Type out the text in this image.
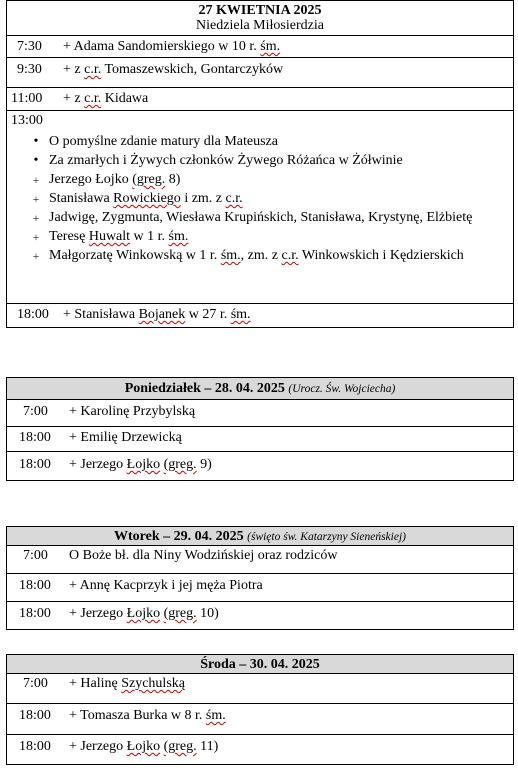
27 KWIETNIA 2025
Niedziela Miłosierdzia
7:30 + Adama Sandomierskiego w 10 r. śm.
9:30 + z c.r. Tomaszewskich, Gontarczyków
11:00 + z c.r. Kidawa
13:00
• O pomyślne zdanie matury dla Mateusza
• Za zmarłych i Żywych członków Żywego Różańca w Żółwinie
+ Jerzego Łojko (greg. 8)
+ Stanisława Rowickiego i zm. z c.r.
+ Jadwigę, Zygmunta, Wiesława Krupińskich, Stanisława, Krystynę, Elżbietę
+ Teresę Huwalt w 1 r. śm.
+ Małgorzatę Winkowską w 1 r. śm., zm. z c.r. Winkowskich i Kędzierskich
18:00 + Stanisława Bojanek w 27 r. śm.
Poniedziałek – 28. 04. 2025 (Urocz. Św. Wojciecha)
7:00 + Karolinę Przybylską
18:00 + Emilię Drzewicką
18:00 + Jerzego Łojko (greg. 9)
Wtorek – 29. 04. 2025 (święto św. Katarzyny Sieneńskiej)
7:00 O Boże bł. dla Niny Wodzińskiej oraz rodziców
18:00 + Annę Kacprzyk i jej męża Piotra
18:00 + Jerzego Łojko (greg. 10)
Środa – 30. 04. 2025
7:00 + Halinę Szychulską
18:00 + Tomasza Burka w 8 r. śm.
18:00 + Jerzego Łojko (greg. 11)
